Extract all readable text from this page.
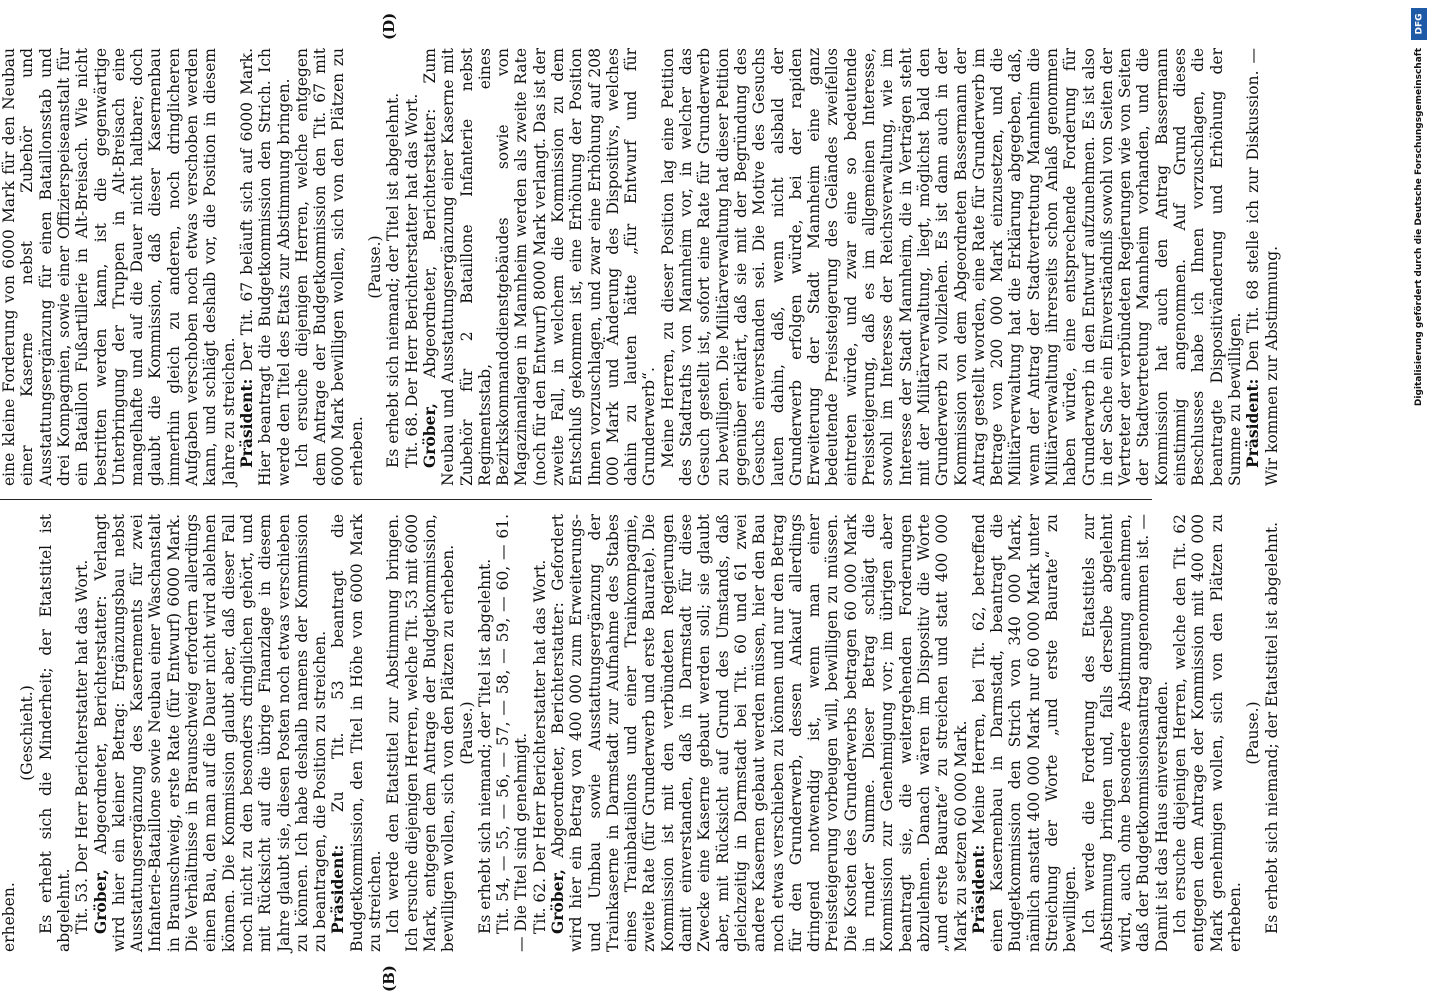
(B)
(D)

erheben.

(Geschieht.) Es erhebt sich die Minderheit; der Etatstitel ist abgelehnt. Tit. 53. Der Herr Berichterstatter hat das Wort. Gröber, Abgeordneter, Berichterstatter: Verlangt wird hier ein kleiner Betrag: Ergänzungsbau nebst Ausstattungsergänzung des Kasernements für zwei Infanterie-Bataillone sowie Neubau einer Waschanstalt in Braunschweig, erste Rate (für Entwurf) 6000 Mark. Die Verhältnisse in Braunschweig erfordern allerdings einen Bau, den man auf die Dauer nicht wird ablehnen können. Die Kommission glaubt aber, daß dieser Fall noch nicht zu den besonders dringlichen gehört, und mit Rücksicht auf die übrige Finanzlage in diesem Jahre glaubt sie, diesen Posten noch etwas verschieben zu können. Ich habe deshalb namens der Kommission zu beantragen, die Position zu streichen. Präsident: Zu Tit. 53 beantragt die Budgetkommission, den Titel in Höhe von 6000 Mark zu streichen. Ich werde den Etatstitel zur Abstimmung bringen. Ich ersuche diejenigen Herren, welche Tit. 53 mit 6000 Mark, entgegen dem Antrage der Budgetkommission, bewilligen wollen, sich von den Plätzen zu erheben. (Pause.) Es erhebt sich niemand; der Titel ist abgelehnt. Tit. 54, — 55, — 56, — 57, — 58, — 59, — 60, — 61. — Die Titel sind genehmigt. Tit. 62. Der Herr Berichterstatter hat das Wort. Gröber, Abgeordneter, Berichterstatter: Gefordert wird hier ein Betrag von 400 000 zum Erweiterungs- und Umbau sowie Ausstattungsergänzung der Trainkaserne in Darmstadt zur Aufnahme des Stabes eines Trainbataillons und einer Trainkompagnie, zweite Rate (für Grunderwerb und erste Baurate). Die Kommission ist mit den verbündeten Regierungen damit einverstanden, daß in Darmstadt für diese Zwecke eine Kaserne gebaut werden soll; sie glaubt aber, mit Rücksicht auf Grund des Umstands, daß gleichzeitig in Darmstadt bei Tit. 60 und 61 zwei andere Kasernen gebaut werden müssen, hier den Bau noch etwas verschieben zu können und nur den Betrag für den Grunderwerb, dessen Ankauf allerdings dringend notwendig ist, wenn man einer Preissteigerung vorbeugen will, bewilligen zu müssen. Die Kosten des Grunderwerbs betragen 60 000 Mark in runder Summe. Dieser Betrag schlägt die Kommission zur Genehmigung vor; im übrigen aber beantragt sie, die weitergehenden Forderungen abzulehnen. Danach wären im Dispositiv die Worte „und erste Baurate“ zu streichen und statt 400 000 Mark zu setzen 60 000 Mark. Präsident: Meine Herren, bei Tit. 62, betreffend einen Kasernenbau in Darmstadt, beantragt die Budgetkommission den Strich von 340 000 Mark, nämlich anstatt 400 000 Mark nur 60 000 Mark unter Streichung der Worte „und erste Baurate“ zu bewilligen. Ich werde die Forderung des Etatstitels zur Abstimmung bringen und, falls derselbe abgelehnt wird, auch ohne besondere Abstimmung annehmen, daß der Budgetkommissionsantrag angenommen ist. — Damit ist das Haus einverstanden. Ich ersuche diejenigen Herren, welche den Tit. 62 entgegen dem Antrage der Kommission mit 400 000 Mark genehmigen wollen, sich von den Plätzen zu erheben.

(Pause.) Es erhebt sich niemand; der Etatstitel ist abgelehnt.

eine kleine Forderung von 6000 Mark für den Neubau einer Kaserne nebst Zubehör und Ausstattungsergänzung für einen Bataillonsstab und drei Kompagnien, sowie einer Offizierspeiseanstalt für ein Bataillon Fußartillerie in Alt-Breisach. Wie nicht bestritten werden kann, ist die gegenwärtige Unterbringung der Truppen in Alt-Breisach eine mangelhafte und auf die Dauer nicht haltbare; doch glaubt die Kommission, daß dieser Kasernenbau immerhin gleich zu anderen, noch dringlicheren Aufgaben verschoben noch etwas verschoben werden kann, und schlägt deshalb vor, die Position in diesem Jahre zu streichen.

Präsident: Der Tit. 67 beläuft sich auf 6000 Mark. Hier beantragt die Budgetkommission den Strich. Ich werde den Titel des Etats zur Abstimmung bringen. Ich ersuche diejenigen Herren, welche entgegen dem Antrage der Budgetkommission den Tit. 67 mit 6000 Mark bewilligen wollen, sich von den Plätzen zu erheben.

(Pause.) Es erhebt sich niemand; der Titel ist abgelehnt. Tit. 68. Der Herr Berichterstatter hat das Wort. Gröber, Abgeordneter, Berichterstatter: Zum Neubau und Ausstattungsergänzung einer Kaserne mit Zubehör für 2 Bataillone Infanterie nebst Regimentsstab, eines Bezirkskommandodienstgebäudes sowie von Magazinanlagen in Mannheim werden als zweite Rate (noch für den Entwurf) 8000 Mark verlangt. Das ist der zweite Fall, in welchem die Kommission zu dem Entschluß gekommen ist, eine Erhöhung der Position Ihnen vorzuschlagen, und zwar eine Erhöhung auf 208 000 Mark und Änderung des Dispositivs, welches dahin zu lauten hätte „für Entwurf und für Grunderwerb“. Meine Herren, zu dieser Position lag eine Petition des Stadtraths von Mannheim vor, in welcher das Gesuch gestellt ist, sofort eine Rate für Grunderwerb zu bewilligen. Die Militärverwaltung hat dieser Petition gegenüber erklärt, daß sie mit der Begründung des Gesuchs einverstanden sei. Die Motive des Gesuchs lauten dahin, daß, wenn nicht alsbald der Grunderwerb erfolgen würde, bei der rapiden Erweiterung der Stadt Mannheim eine ganz bedeutende Preissteigerung des Geländes zweifellos eintreten würde, und zwar eine so bedeutende Preissteigerung, daß es im allgemeinen Interesse, sowohl im Interesse der Reichsverwaltung, wie im Interesse der Stadt Mannheim, die in Verträgen steht mit der Militärverwaltung, liegt, möglichst bald den Grunderwerb zu vollziehen. Es ist dann auch in der Kommission von dem Abgeordneten Bassermann der Antrag gestellt worden, eine Rate für Grunderwerb im Betrage von 200 000 Mark einzusetzen, und die Militärverwaltung hat die Erklärung abgegeben, daß, wenn der Antrag der Stadtvertretung Mannheim die Militärverwaltung ihrerseits schon Anlaß genommen haben würde, eine entsprechende Forderung für Grunderwerb in den Entwurf aufzunehmen. Es ist also in der Sache ein Einverständniß sowohl von Seiten der Vertreter der verbündeten Regierungen wie von Seiten der Stadtvertretung Mannheim vorhanden, und die Kommission hat auch den Antrag Bassermann einstimmig angenommen. Auf Grund dieses Beschlusses habe ich Ihnen vorzuschlagen, die beantragte Dispositivänderung und Erhöhung der Summe zu bewilligen. Präsident: Den Tit. 68 stelle ich zur Diskussion. — Wir kommen zur Abstimmung.

DFG
Digitalisierung gefördert durch die Deutsche Forschungsgemeinschaft
